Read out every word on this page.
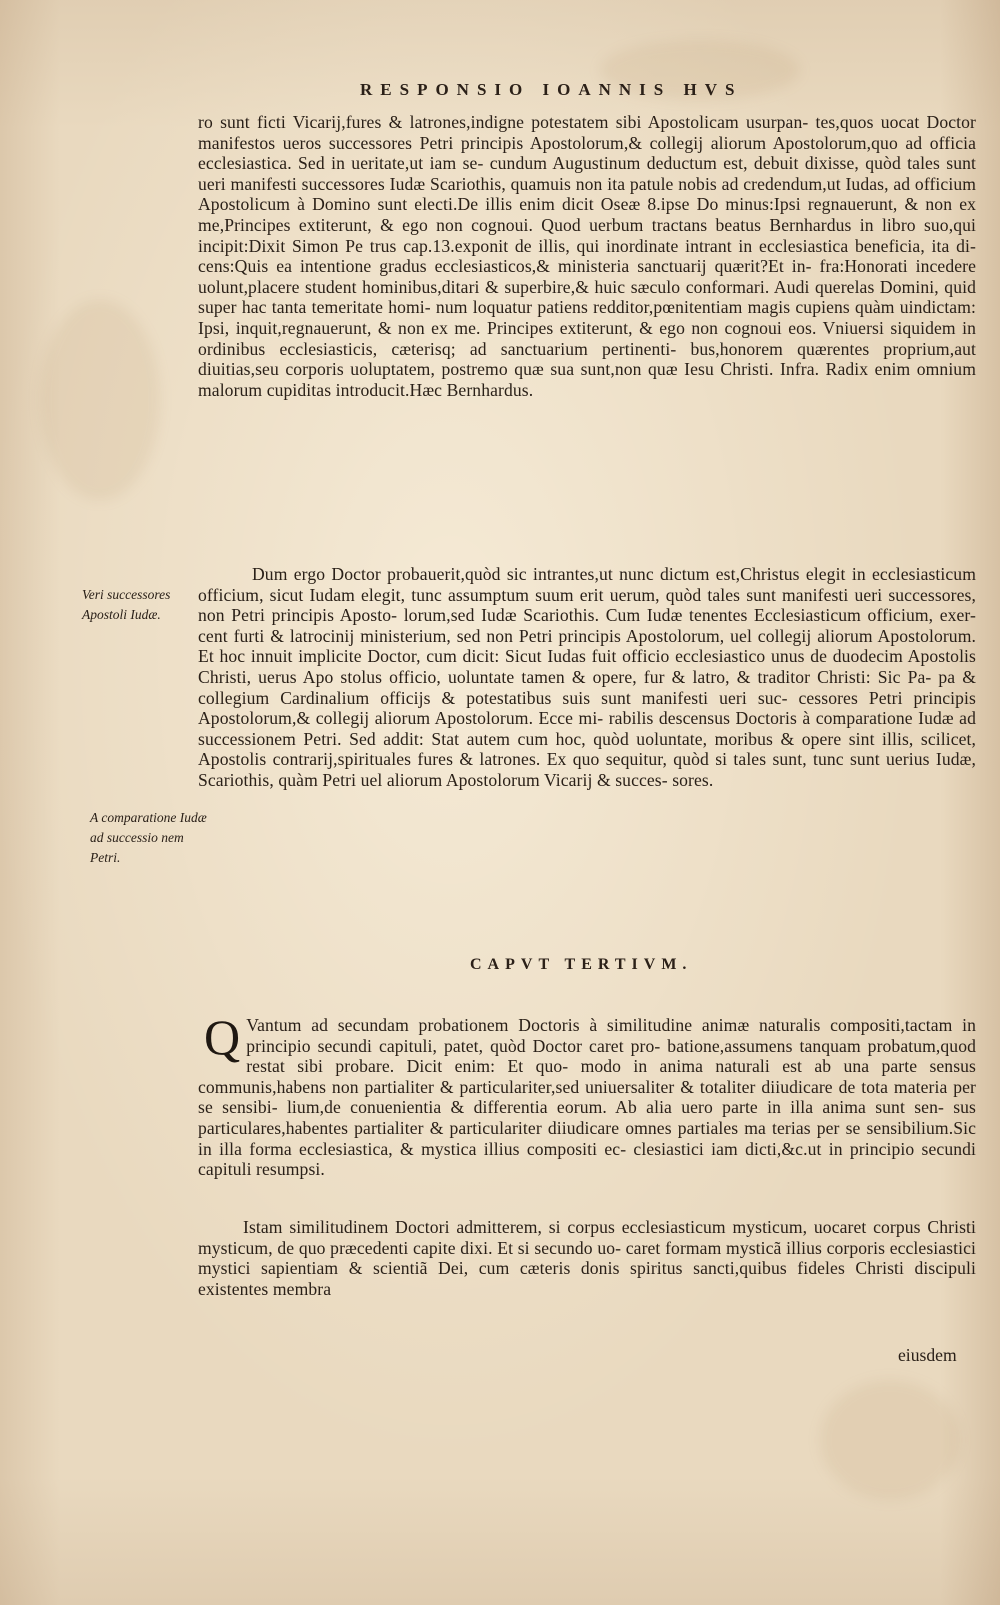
RESPONSIO IOANNIS HVS

ro sunt ficti Vicarij,fures & latrones,indigne potestatem sibi Apostolicam usurpan- tes,quos uocat Doctor manifestos ueros successores Petri principis Apostolorum,& collegij aliorum Apostolorum,quo ad officia ecclesiastica. Sed in ueritate,ut iam se- cundum Augustinum deductum est, debuit dixisse, quòd tales sunt ueri manifesti successores Iudæ Scariothis, quamuis non ita patule nobis ad credendum,ut Iudas, ad officium Apostolicum à Domino sunt electi.De illis enim dicit Oseæ 8.ipse Do minus:Ipsi regnauerunt, & non ex me,Principes extiterunt, & ego non cognoui. Quod uerbum tractans beatus Bernhardus in libro suo,qui incipit:Dixit Simon Pe trus cap.13.exponit de illis, qui inordinate intrant in ecclesiastica beneficia, ita di- cens:Quis ea intentione gradus ecclesiasticos,& ministeria sanctuarij quærit?Et in- fra:Honorati incedere uolunt,placere student hominibus,ditari & superbire,& huic sæculo conformari. Audi querelas Domini, quid super hac tanta temeritate homi- num loquatur patiens redditor,pœnitentiam magis cupiens quàm uindictam: Ipsi, inquit,regnauerunt, & non ex me. Principes extiterunt, & ego non cognoui eos. Vniuersi siquidem in ordinibus ecclesiasticis, cæterisq; ad sanctuarium pertinenti- bus,honorem quærentes proprium,aut diuitias,seu corporis uoluptatem, postremo quæ sua sunt,non quæ Iesu Christi. Infra. Radix enim omnium malorum cupiditas introducit.Hæc Bernhardus.

Veri successores Apostoli Iudæ.

Dum ergo Doctor probauerit,quòd sic intrantes,ut nunc dictum est,Christus elegit in ecclesiasticum officium, sicut Iudam elegit, tunc assumptum suum erit uerum, quòd tales sunt manifesti ueri successores, non Petri principis Aposto- lorum,sed Iudæ Scariothis. Cum Iudæ tenentes Ecclesiasticum officium, exer- cent furti & latrocinij ministerium, sed non Petri principis Apostolorum, uel collegij aliorum Apostolorum. Et hoc innuit implicite Doctor, cum dicit: Sicut Iudas fuit officio ecclesiastico unus de duodecim Apostolis Christi, uerus Apo stolus officio, uoluntate tamen & opere, fur & latro, & traditor Christi: Sic Pa- pa & collegium Cardinalium officijs & potestatibus suis sunt manifesti ueri suc- cessores Petri principis Apostolorum,& collegij aliorum Apostolorum. Ecce mi- rabilis descensus Doctoris à comparatione Iudæ ad successionem Petri. Sed addit: Stat autem cum hoc, quòd uoluntate, moribus & opere sint illis, scilicet, Apostolis contrarij,spirituales fures & latrones. Ex quo sequitur, quòd si tales sunt, tunc sunt uerius Iudæ, Scariothis, quàm Petri uel aliorum Apostolorum Vicarij & succes- sores.

A comparatione Iudæ ad successio nem Petri.
CAPVT TERTIVM.
Q Vantum ad secundam probationem Doctoris à similitudine animæ naturalis compositi,tactam in principio secundi capituli, patet, quòd Doctor caret pro- batione,assumens tanquam probatum,quod restat sibi probare. Dicit enim: Et quo- modo in anima naturali est ab una parte sensus communis,habens non partialiter & particulariter,sed uniuersaliter & totaliter diiudicare de tota materia per se sensibi- lium,de conuenientia & differentia eorum. Ab alia uero parte in illa anima sunt sen- sus particulares,habentes partialiter & particulariter diiudicare omnes partiales ma terias per se sensibilium.Sic in illa forma ecclesiastica, & mystica illius compositi ec- clesiastici iam dicti,&c.ut in principio secundi capituli resumpsi.

Istam similitudinem Doctori admitterem, si corpus ecclesiasticum mysticum, uocaret corpus Christi mysticum, de quo præcedenti capite dixi. Et si secundo uo- caret formam mysticã illius corporis ecclesiastici mystici sapientiam & scientiã Dei, cum cæteris donis spiritus sancti,quibus fideles Christi discipuli existentes membra

eiusdem
